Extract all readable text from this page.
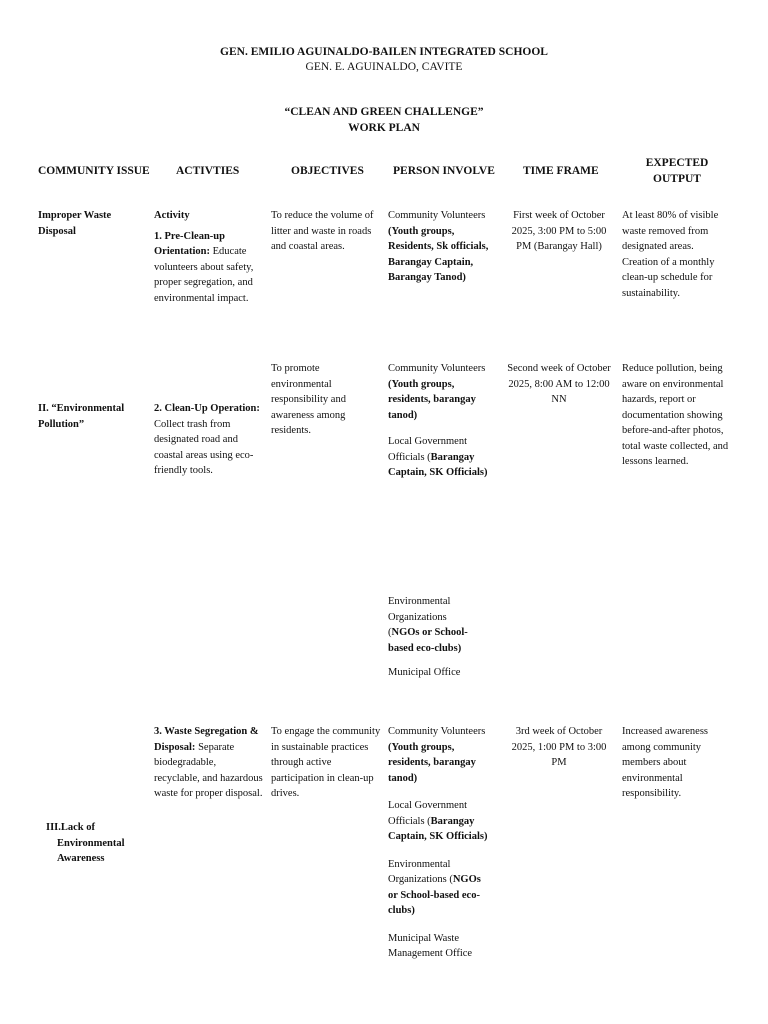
GEN. EMILIO AGUINALDO-BAILEN INTEGRATED SCHOOL
GEN. E. AGUINALDO, CAVITE
“CLEAN AND GREEN CHALLENGE”
WORK PLAN
COMMUNITY ISSUE ACTIVTIES	OBJECTIVES	PERSON INVOLVE TIME FRAME
EXPECTED
OUTPUT
Improper Waste Disposal

Activity

1. Pre-Clean-up Orientation: Educate volunteers about safety, proper segregation, and environmental impact.

To reduce the volume of litter and waste in roads and coastal areas.

Community Volunteers (Youth groups, Residents, Sk officials, Barangay Captain, Barangay Tanod)

First week of October 2025, 3:00 PM to 5:00 PM (Barangay Hall)
At least 80% of visible waste removed from designated areas. Creation of a monthly clean-up schedule for sustainability.
II. “Environmental Pollution”

2. Clean-Up Operation: Collect trash from designated road and coastal areas using eco-friendly tools.

To promote environmental responsibility and awareness among residents.

Community Volunteers (Youth groups, residents, barangay tanod)

Local Government Officials (Barangay Captain, SK Officials)

Environmental Organizations (NGOs or School-based eco-clubs)

Municipal Office

Second week of October 2025, 8:00 AM to 12:00 NN
Reduce pollution, being aware on environmental hazards, report or documentation showing before-and-after photos, total waste collected, and lessons learned.
III.Lack of Environmental Awareness

3. Waste Segregation & Disposal: Separate biodegradable, recyclable, and hazardous waste for proper disposal.

To engage the community in sustainable practices through active participation in clean-up drives.

Community Volunteers (Youth groups, residents, barangay tanod)

Local Government Officials (Barangay Captain, SK Officials)

Environmental Organizations (NGOs or School-based eco-clubs)

Municipal Waste Management Office

3rd week of October 2025, 1:00 PM to 3:00 PM
Increased awareness among community members about environmental responsibility.
